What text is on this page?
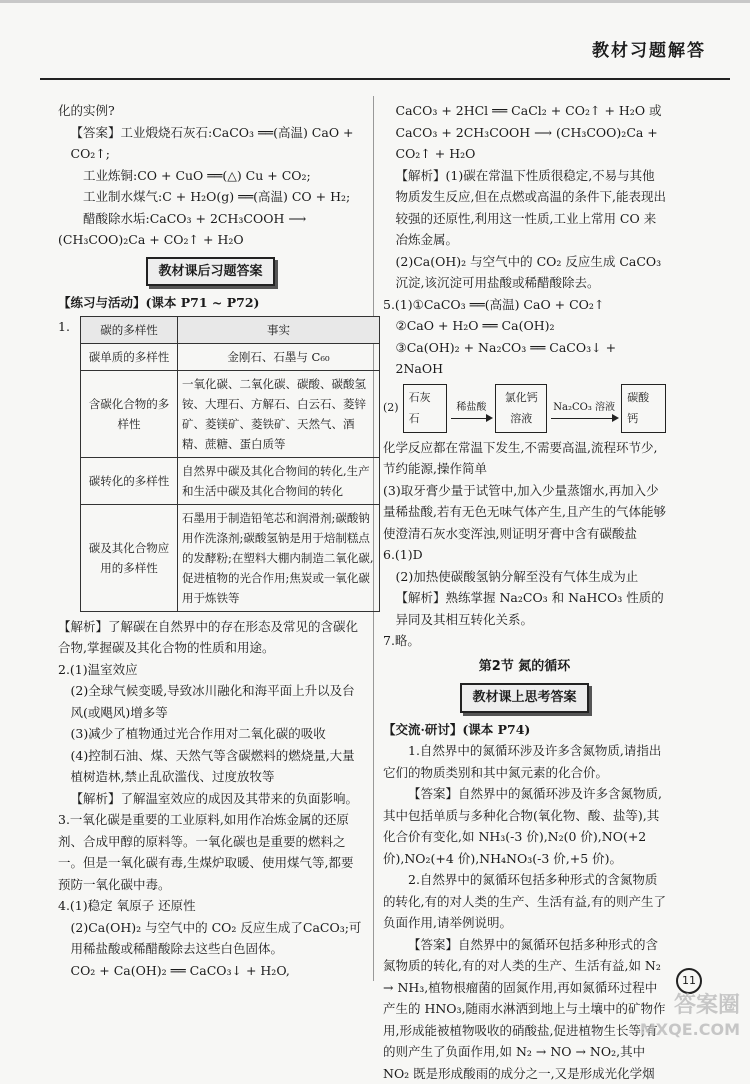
教材习题解答

化的实例?

【答案】工业煅烧石灰石:CaCO₃ ══(高温) CaO + CO₂↑;

工业炼铜:CO + CuO ══(△) Cu + CO₂;

工业制水煤气:C + H₂O(g) ══(高温) CO + H₂;

醋酸除水垢:CaCO₃ + 2CH₃COOH ⟶

(CH₃COO)₂Ca + CO₂↑ + H₂O

教材课后习题答案

【练习与活动】(课本 P71 ~ P72)

1.	碳的多样性	事实
碳单质的多样性	金刚石、石墨与 C₆₀
含碳化合物的多样性	一氧化碳、二氧化碳、碳酸、碳酸氢铵、大理石、方解石、白云石、菱锌矿、菱镁矿、菱铁矿、天然气、酒精、蔗糖、蛋白质等
碳转化的多样性	自然界中碳及其化合物间的转化,生产和生活中碳及其化合物间的转化
碳及其化合物应用的多样性	石墨用于制造铅笔芯和润滑剂;碳酸钠用作洗涤剂;碳酸氢钠是用于焙制糕点的发酵粉;在塑料大棚内制造二氧化碳,促进植物的光合作用;焦炭或一氧化碳用于炼铁等

【解析】了解碳在自然界中的存在形态及常见的含碳化合物,掌握碳及其化合物的性质和用途。

2.(1)温室效应

(2)全球气候变暖,导致冰川融化和海平面上升以及台风(或飓风)增多等

(3)减少了植物通过光合作用对二氧化碳的吸收

(4)控制石油、煤、天然气等含碳燃料的燃烧量,大量植树造林,禁止乱砍滥伐、过度放牧等

【解析】了解温室效应的成因及其带来的负面影响。

3.一氧化碳是重要的工业原料,如用作冶炼金属的还原剂、合成甲醇的原料等。一氧化碳也是重要的燃料之一。但是一氧化碳有毒,生煤炉取暖、使用煤气等,都要预防一氧化碳中毒。

4.(1)稳定 氧原子 还原性

(2)Ca(OH)₂ 与空气中的 CO₂ 反应生成了CaCO₃;可用稀盐酸或稀醋酸除去这些白色固体。

CO₂ + Ca(OH)₂ ══ CaCO₃↓ + H₂O,

CaCO₃ + 2HCl ══ CaCl₂ + CO₂↑ + H₂O 或

CaCO₃ + 2CH₃COOH ⟶ (CH₃COO)₂Ca +

CO₂↑ + H₂O

【解析】(1)碳在常温下性质很稳定,不易与其他物质发生反应,但在点燃或高温的条件下,能表现出较强的还原性,利用这一性质,工业上常用 CO 来冶炼金属。

(2)Ca(OH)₂ 与空气中的 CO₂ 反应生成 CaCO₃ 沉淀,该沉淀可用盐酸或稀醋酸除去。

5.(1)①CaCO₃ ══(高温) CaO + CO₂↑

②CaO + H₂O ══ Ca(OH)₂

③Ca(OH)₂ + Na₂CO₃ ══ CaCO₃↓ + 2NaOH

(2)
石灰石
稀盐酸
氯化钙溶液
Na₂CO₃ 溶液
碳酸钙

化学反应都在常温下发生,不需要高温,流程环节少,节约能源,操作简单

(3)取牙膏少量于试管中,加入少量蒸馏水,再加入少量稀盐酸,若有无色无味气体产生,且产生的气体能够使澄清石灰水变浑浊,则证明牙膏中含有碳酸盐

6.(1)D

(2)加热使碳酸氢钠分解至没有气体生成为止

【解析】熟练掌握 Na₂CO₃ 和 NaHCO₃ 性质的异同及其相互转化关系。

7.略。

第2节 氮的循环
教材课上思考答案

【交流·研讨】(课本 P74)

1.自然界中的氮循环涉及许多含氮物质,请指出它们的物质类别和其中氮元素的化合价。

【答案】自然界中的氮循环涉及许多含氮物质,其中包括单质与多种化合物(氧化物、酸、盐等),其化合价有变化,如 NH₃(-3 价),N₂(0 价),NO(+2 价),NO₂(+4 价),NH₄NO₃(-3 价,+5 价)。

2.自然界中的氮循环包括多种形式的含氮物质的转化,有的对人类的生产、生活有益,有的则产生了负面作用,请举例说明。

【答案】自然界中的氮循环包括多种形式的含氮物质的转化,有的对人类的生产、生活有益,如 N₂ → NH₃,植物根瘤菌的固氮作用,再如氮循环过程中产生的 HNO₃,随雨水淋洒到地上与土壤中的矿物作用,形成能被植物吸收的硝酸盐,促进植物生长等;有的则产生了负面作用,如 N₂ → NO → NO₂,其中 NO₂ 既是形成酸雨的成分之一,又是形成光化学烟

11
答案圈
MXQE.COM
